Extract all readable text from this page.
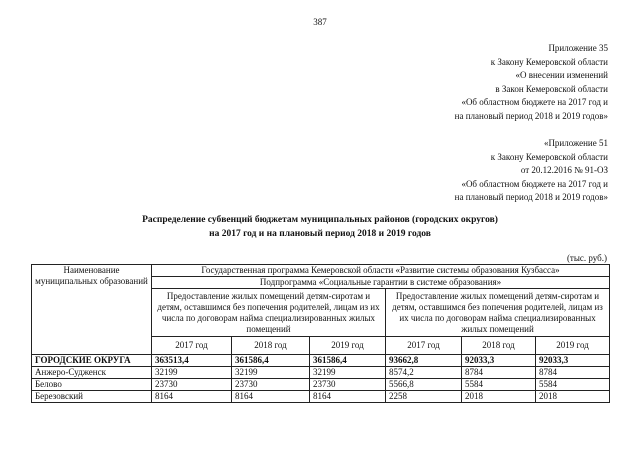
387
Приложение 35
к Закону Кемеровской области
«О внесении изменений
в Закон Кемеровской области
«Об областном бюджете на 2017 год и
на плановый период 2018 и 2019 годов»
«Приложение 51
к Закону Кемеровской области
от 20.12.2016 № 91-ОЗ
«Об областном бюджете на 2017 год и
на плановый период 2018 и 2019 годов»
Распределение субвенций бюджетам муниципальных районов (городских округов)
на 2017 год и на плановый период 2018 и 2019 годов
(тыс. руб.)
Наименование муниципальных образований	Государственная программа Кемеровской области «Развитие системы образования Кузбасса»					
	Подпрограмма «Социальные гарантии в системе образования»					
	Предоставление жилых помещений детям-сиротам и детям, оставшимся без попечения родителей, лицам из их числа по договорам найма специализированных жилых помещений			Предоставление жилых помещений детям-сиротам и детям, оставшимся без попечения родителей, лицам из их числа по договорам найма специализированных жилых помещений		
	2017 год	2018 год	2019 год	2017 год	2018 год	2019 год
ГОРОДСКИЕ ОКРУГА	363513,4	361586,4	361586,4	93662,8	92033,3	92033,3
Анжеро-Судженск	32199	32199	32199	8574,2	8784	8784
Белово	23730	23730	23730	5566,8	5584	5584
Березовский	8164	8164	8164	2258	2018	2018
